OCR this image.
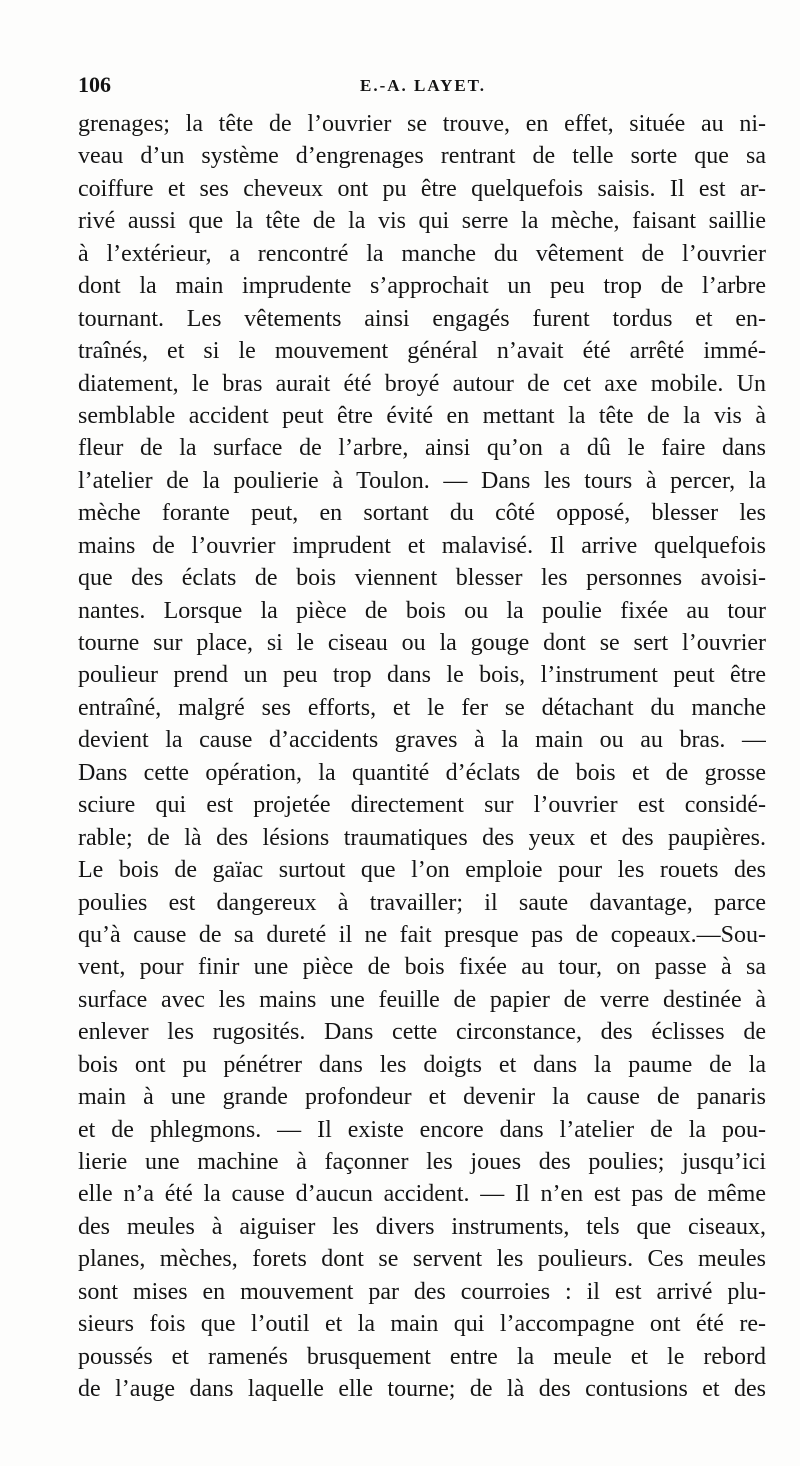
106	E.-A. LAYET.
grenages; la tête de l’ouvrier se trouve, en effet, située au ni-
veau d’un système d’engrenages rentrant de telle sorte que sa
coiffure et ses cheveux ont pu être quelquefois saisis. Il est ar-
rivé aussi que la tête de la vis qui serre la mèche, faisant saillie
à l’extérieur, a rencontré la manche du vêtement de l’ouvrier
dont la main imprudente s’approchait un peu trop de l’arbre
tournant. Les vêtements ainsi engagés furent tordus et en-
traînés, et si le mouvement général n’avait été arrêté immé-
diatement, le bras aurait été broyé autour de cet axe mobile. Un
semblable accident peut être évité en mettant la tête de la vis à
fleur de la surface de l’arbre, ainsi qu’on a dû le faire dans
l’atelier de la poulierie à Toulon. — Dans les tours à percer, la
mèche forante peut, en sortant du côté opposé, blesser les
mains de l’ouvrier imprudent et malavisé. Il arrive quelquefois
que des éclats de bois viennent blesser les personnes avoisi-
nantes. Lorsque la pièce de bois ou la poulie fixée au tour
tourne sur place, si le ciseau ou la gouge dont se sert l’ouvrier
poulieur prend un peu trop dans le bois, l’instrument peut être
entraîné, malgré ses efforts, et le fer se détachant du manche
devient la cause d’accidents graves à la main ou au bras. —
Dans cette opération, la quantité d’éclats de bois et de grosse
sciure qui est projetée directement sur l’ouvrier est considé-
rable; de là des lésions traumatiques des yeux et des paupières.
Le bois de gaïac surtout que l’on emploie pour les rouets des
poulies est dangereux à travailler; il saute davantage, parce
qu’à cause de sa dureté il ne fait presque pas de copeaux.—Sou-
vent, pour finir une pièce de bois fixée au tour, on passe à sa
surface avec les mains une feuille de papier de verre destinée à
enlever les rugosités. Dans cette circonstance, des éclisses de
bois ont pu pénétrer dans les doigts et dans la paume de la
main à une grande profondeur et devenir la cause de panaris
et de phlegmons. — Il existe encore dans l’atelier de la pou-
lierie une machine à façonner les joues des poulies; jusqu’ici
elle n’a été la cause d’aucun accident. — Il n’en est pas de même
des meules à aiguiser les divers instruments, tels que ciseaux,
planes, mèches, forets dont se servent les poulieurs. Ces meules
sont mises en mouvement par des courroies : il est arrivé plu-
sieurs fois que l’outil et la main qui l’accompagne ont été re-
poussés et ramenés brusquement entre la meule et le rebord
de l’auge dans laquelle elle tourne; de là des contusions et des
